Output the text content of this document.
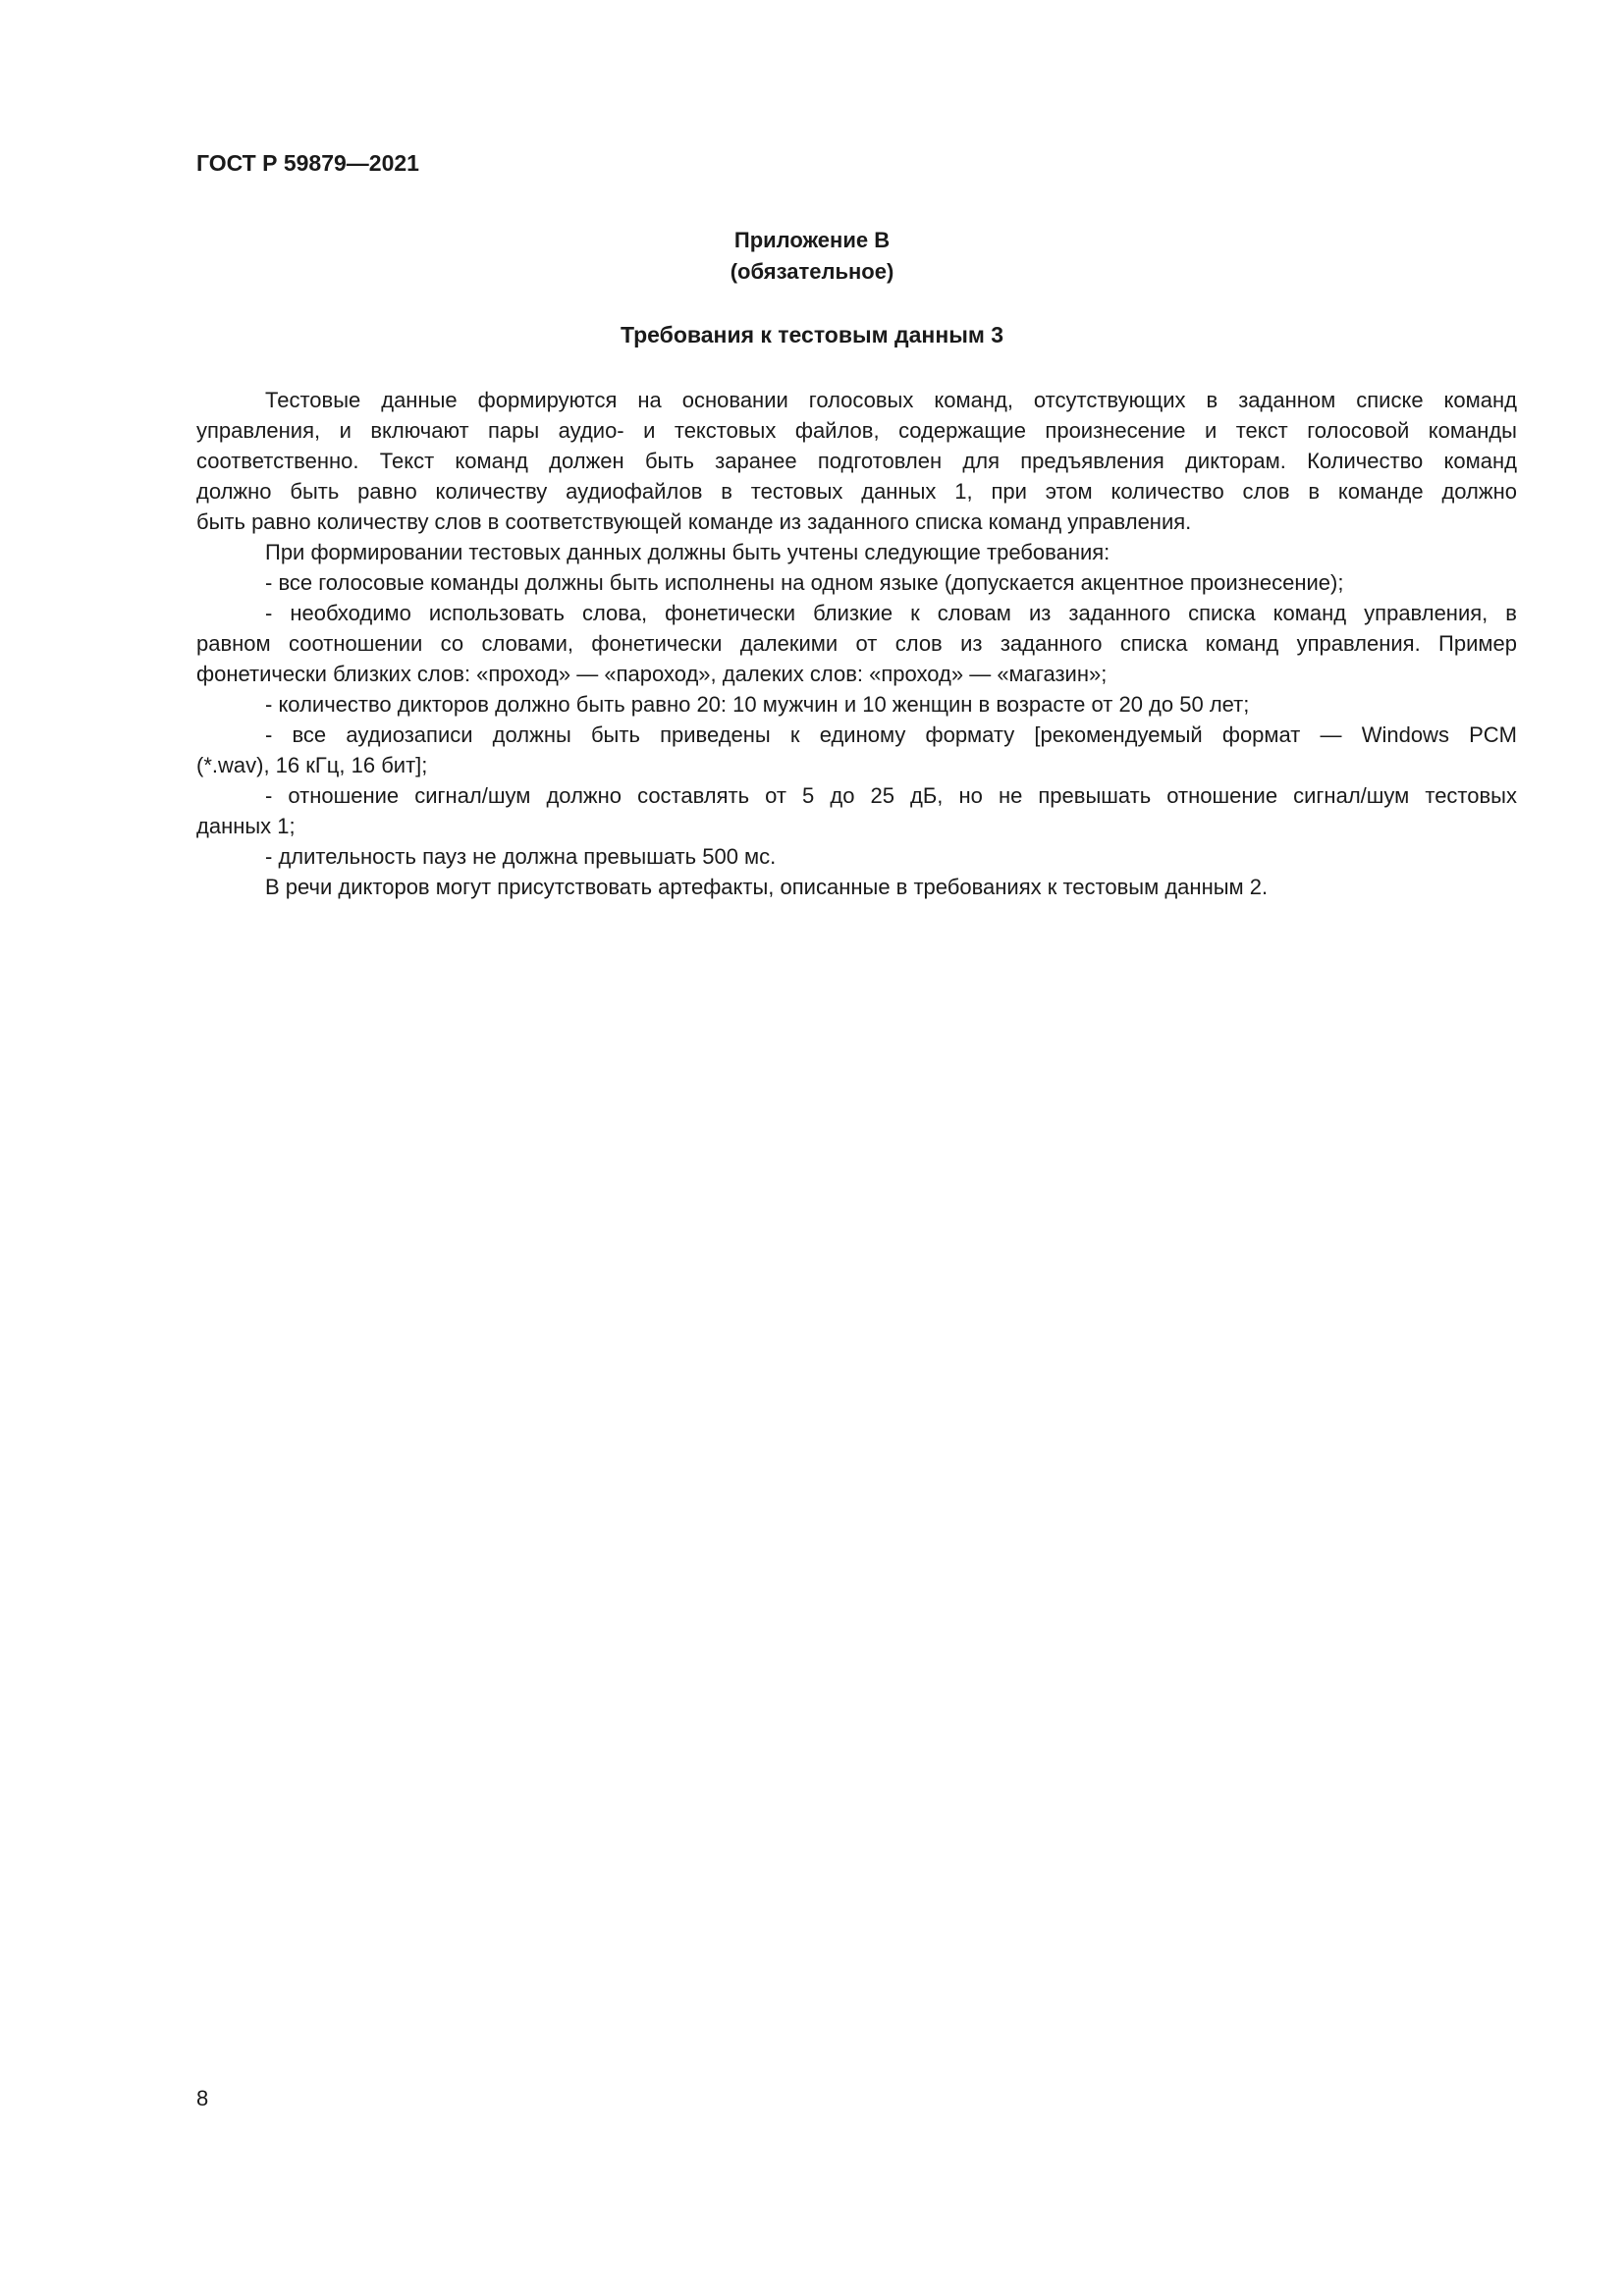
ГОСТ Р 59879—2021
Приложение В
(обязательное)
Требования к тестовым данным 3
Тестовые данные формируются на основании голосовых команд, отсутствующих в заданном списке команд
управления, и включают пары аудио- и текстовых файлов, содержащие произнесение и текст голосовой команды
соответственно. Текст команд должен быть заранее подготовлен для предъявления дикторам. Количество команд
должно быть равно количеству аудиофайлов в тестовых данных 1, при этом количество слов в команде должно
быть равно количеству слов в соответствующей команде из заданного списка команд управления.
При формировании тестовых данных должны быть учтены следующие требования:
- все голосовые команды должны быть исполнены на одном языке (допускается акцентное произнесение);
- необходимо использовать слова, фонетически близкие к словам из заданного списка команд управления, в
равном соотношении со словами, фонетически далекими от слов из заданного списка команд управления. Пример
фонетически близких слов: «проход» — «пароход», далеких слов: «проход» — «магазин»;
- количество дикторов должно быть равно 20: 10 мужчин и 10 женщин в возрасте от 20 до 50 лет;
- все аудиозаписи должны быть приведены к единому формату [рекомендуемый формат — Windows PCM
(*.wav), 16 кГц, 16 бит];
- отношение сигнал/шум должно составлять от 5 до 25 дБ, но не превышать отношение сигнал/шум тестовых
данных 1;
- длительность пауз не должна превышать 500 мс.
В речи дикторов могут присутствовать артефакты, описанные в требованиях к тестовым данным 2.
8
